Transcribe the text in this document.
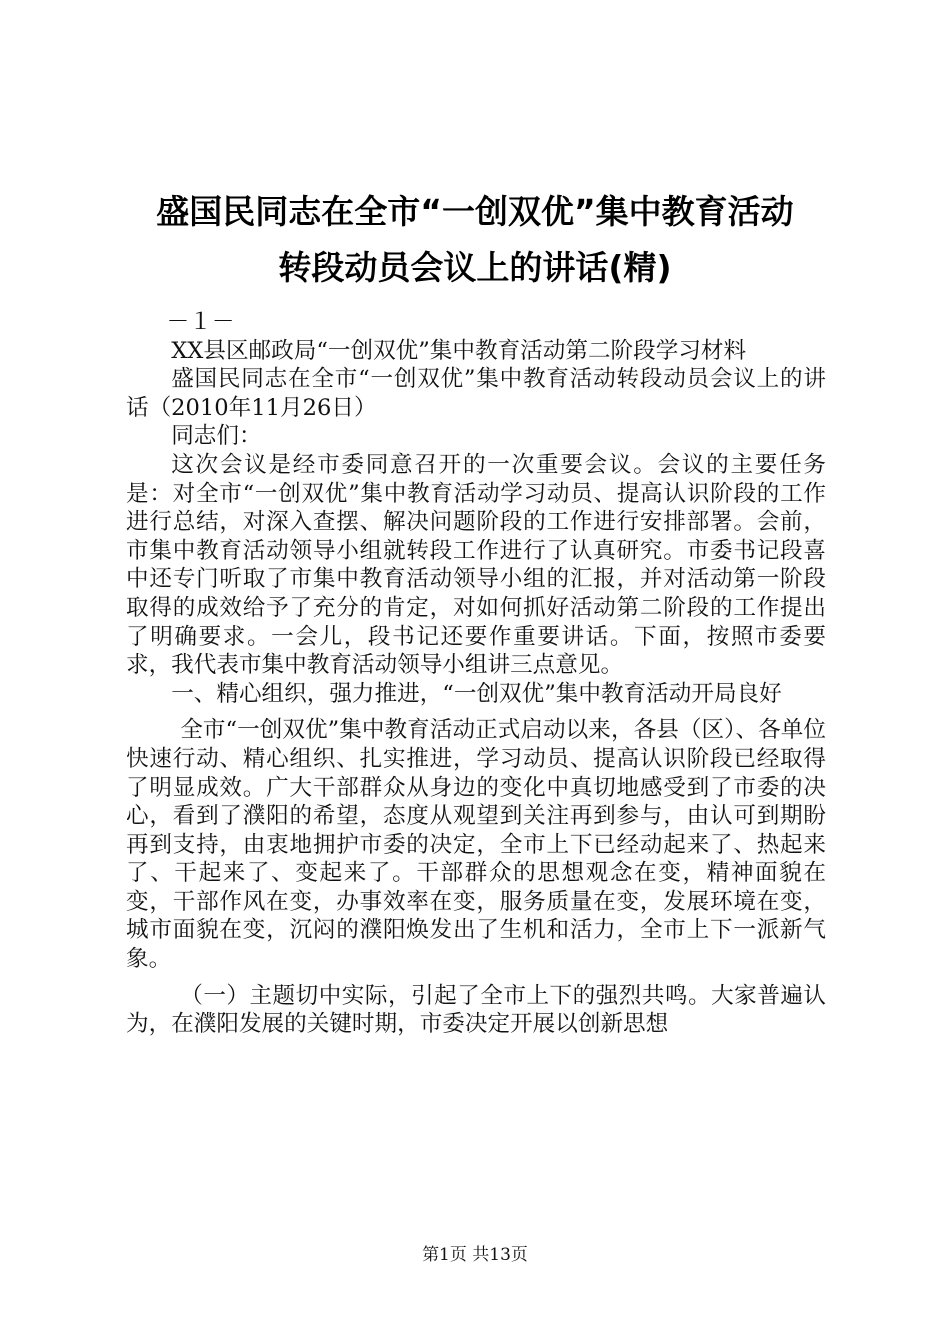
盛国民同志在全市“一创双优”集中教育活动
转段动员会议上的讲话(精)

－１－

XX县区邮政局“一创双优”集中教育活动第二阶段学习材料

盛国民同志在全市“一创双优”集中教育活动转段动员会议上的讲话（2010年11月26日）

同志们：

这次会议是经市委同意召开的一次重要会议。会议的主要任务是：对全市“一创双优”集中教育活动学习动员、提高认识阶段的工作进行总结，对深入查摆、解决问题阶段的工作进行安排部署。会前，市集中教育活动领导小组就转段工作进行了认真研究。市委书记段喜中还专门听取了市集中教育活动领导小组的汇报，并对活动第一阶段取得的成效给予了充分的肯定，对如何抓好活动第二阶段的工作提出了明确要求。一会儿，段书记还要作重要讲话。下面，按照市委要求，我代表市集中教育活动领导小组讲三点意见。

一、精心组织，强力推进，“一创双优”集中教育活动开局良好

全市“一创双优”集中教育活动正式启动以来，各县（区）、各单位快速行动、精心组织、扎实推进，学习动员、提高认识阶段已经取得了明显成效。广大干部群众从身边的变化中真切地感受到了市委的决心，看到了濮阳的希望，态度从观望到关注再到参与，由认可到期盼再到支持，由衷地拥护市委的决定，全市上下已经动起来了、热起来了、干起来了、变起来了。干部群众的思想观念在变，精神面貌在变，干部作风在变，办事效率在变，服务质量在变，发展环境在变，城市面貌在变，沉闷的濮阳焕发出了生机和活力，全市上下一派新气象。

（一）主题切中实际，引起了全市上下的强烈共鸣。大家普遍认为，在濮阳发展的关键时期，市委决定开展以创新思想

第1页 共13页
